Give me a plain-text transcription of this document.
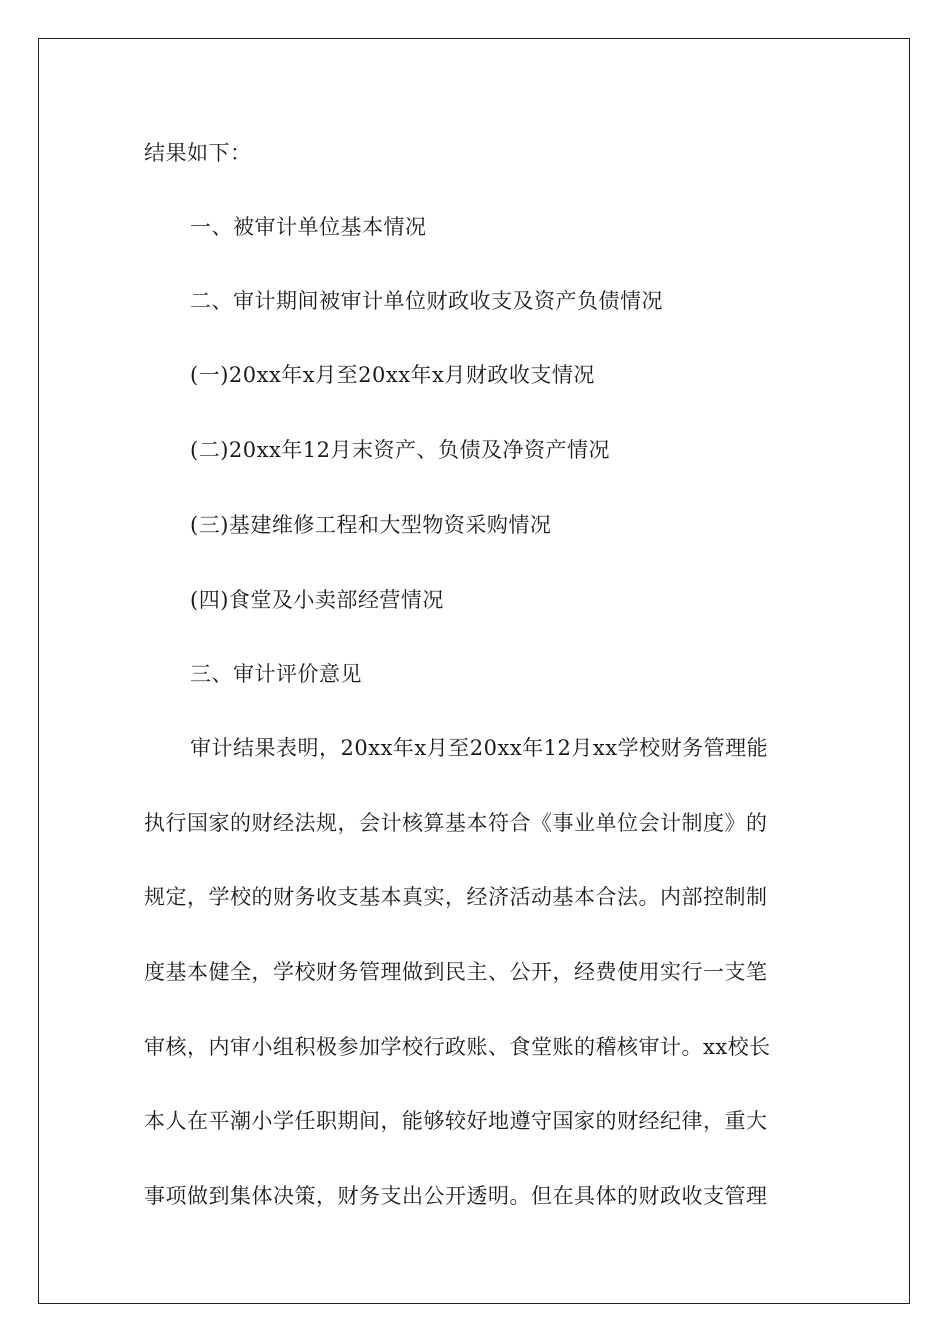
结果如下：
一、被审计单位基本情况
二、审计期间被审计单位财政收支及资产负债情况
(一)20xx年x月至20xx年x月财政收支情况
(二)20xx年12月末资产、负债及净资产情况
(三)基建维修工程和大型物资采购情况
(四)食堂及小卖部经营情况
三、审计评价意见
审计结果表明，20xx年x月至20xx年12月xx学校财务管理能
执行国家的财经法规，会计核算基本符合《事业单位会计制度》的
规定，学校的财务收支基本真实，经济活动基本合法。内部控制制
度基本健全，学校财务管理做到民主、公开，经费使用实行一支笔
审核，内审小组积极参加学校行政账、食堂账的稽核审计。xx校长
本人在平潮小学任职期间，能够较好地遵守国家的财经纪律，重大
事项做到集体决策，财务支出公开透明。但在具体的财政收支管理
